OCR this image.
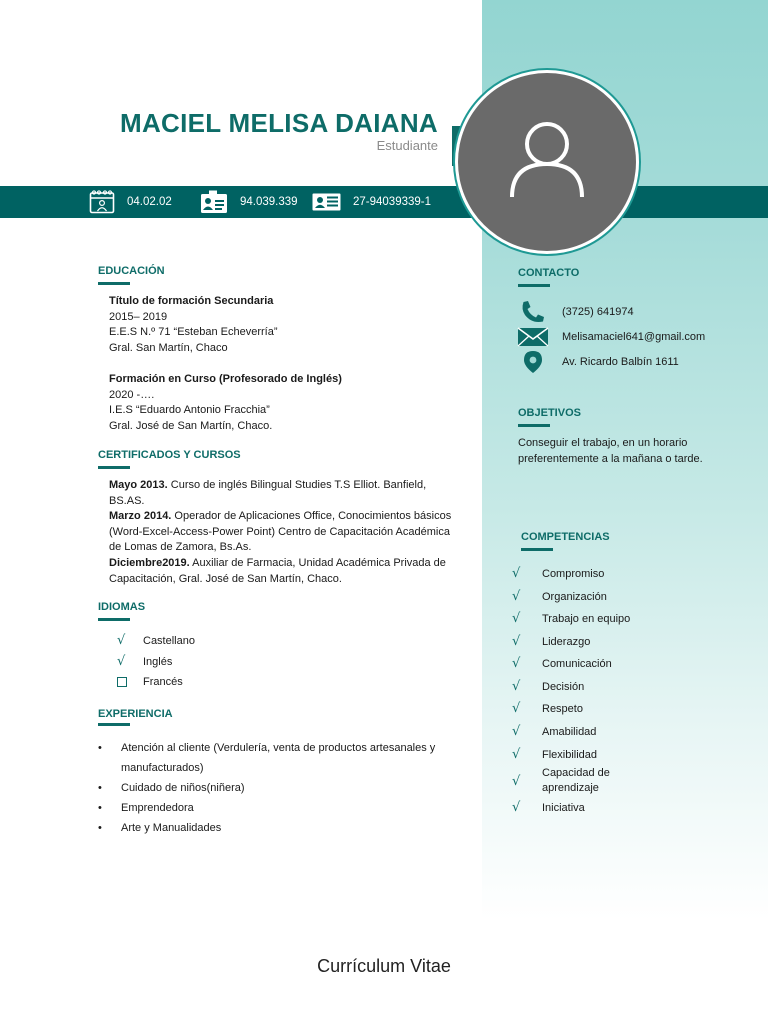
MACIEL MELISA DAIANA
Estudiante
04.02.02	94.039.339	27-94039339-1
EDUCACIÓN
Título de formación Secundaria
2015– 2019
E.E.S N.º 71 “Esteban Echeverría”
Gral. San Martín, Chaco
Formación en Curso (Profesorado de Inglés)
2020 -….
I.E.S “Eduardo Antonio Fracchia”
Gral. José de San Martín, Chaco.
CERTIFICADOS Y CURSOS
Mayo 2013. Curso de inglés Bilingual Studies T.S Elliot. Banfield, BS.AS.
Marzo 2014. Operador de Aplicaciones Office, Conocimientos básicos (Word-Excel-Access-Power Point) Centro de Capacitación Académica de Lomas de Zamora, Bs.As.
Diciembre2019. Auxiliar de Farmacia, Unidad Académica Privada de Capacitación, Gral. José de San Martín, Chaco.
IDIOMAS
√	Castellano
√	Inglés
Francés
EXPERIENCIA
• Atención al cliente (Verdulería, venta de productos artesanales y manufacturados)
• Cuidado de niños(niñera)
• Emprendedora
• Arte y Manualidades
CONTACTO
(3725) 641974
Melisamaciel641@gmail.com
Av. Ricardo Balbín 1611
OBJETIVOS
Conseguir el trabajo, en un horario preferentemente a la mañana o tarde.
COMPETENCIAS
√	Compromiso
√	Organización
√	Trabajo en equipo
√	Liderazgo
√	Comunicación
√	Decisión
√	Respeto
√	Amabilidad
√	Flexibilidad
√
Capacidad de aprendizaje
√	Iniciativa
Currículum Vitae
